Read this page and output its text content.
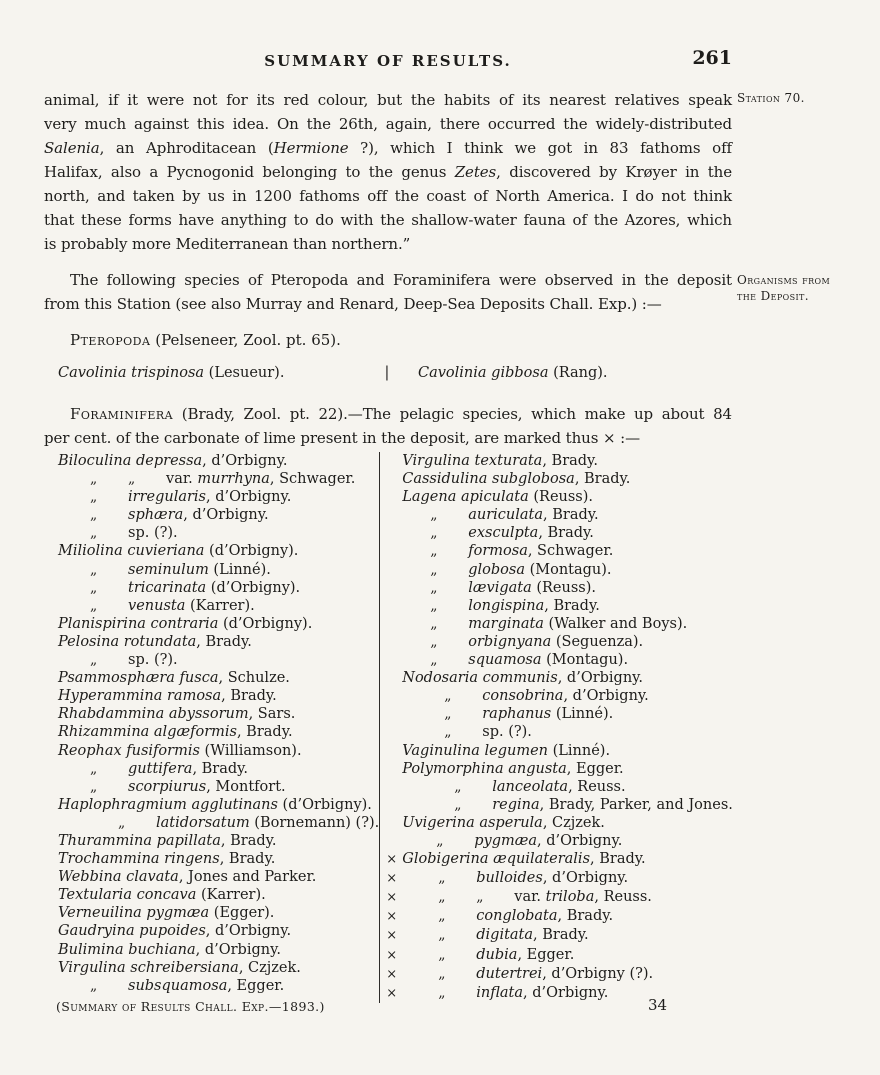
SUMMARY OF RESULTS.	261
Station 70.
Organisms from
the Deposit.
animal, if it were not for its red colour, but the habits of its nearest relatives speak
very much against this idea. On the 26th, again, there occurred the widely-distributed
Salenia, an Aphroditacean (Hermione ?), which I think we got in 83 fathoms off
Halifax, also a Pycnogonid belonging to the genus Zetes, discovered by Krøyer in the
north, and taken by us in 1200 fathoms off the coast of North America. I do not think
that these forms have anything to do with the shallow-water fauna of the Azores, which
is probably more Mediterranean than northern.”
The following species of Pteropoda and Foraminifera were observed in the deposit
from this Station (see also Murray and Renard, Deep-Sea Deposits Chall. Exp.) :—
Pteropoda (Pelseneer, Zool. pt. 65).
Cavolinia trispinosa (Lesueur).	|	Cavolinia gibbosa (Rang).
Foraminifera (Brady, Zool. pt. 22).—The pelagic species, which make up about 84
per cent. of the carbonate of lime present in the deposit, are marked thus × :—
Biloculina depressa, d’Orbigny.
„ „ var. murrhyna, Schwager.
„ irregularis, d’Orbigny.
„ sphæra, d’Orbigny.
„ sp. (?).
Miliolina cuvieriana (d’Orbigny).
„ seminulum (Linné).
„ tricarinata (d’Orbigny).
„ venusta (Karrer).
Planispirina contraria (d’Orbigny).
Pelosina rotundata, Brady.
„ sp. (?).
Psammosphæra fusca, Schulze.
Hyperammina ramosa, Brady.
Rhabdammina abyssorum, Sars.
Rhizammina algæformis, Brady.
Reophax fusiformis (Williamson).
„ guttifera, Brady.
„ scorpiurus, Montfort.
Haplophragmium agglutinans (d’Orbigny).
„ latidorsatum (Bornemann) (?).
Thurammina papillata, Brady.
Trochammina ringens, Brady.
Webbina clavata, Jones and Parker.
Textularia concava (Karrer).
Verneuilina pygmæa (Egger).
Gaudryina pupoides, d’Orbigny.
Bulimina buchiana, d’Orbigny.
Virgulina schreibersiana, Czjzek.
„ subsquamosa, Egger.
Virgulina texturata, Brady.
Cassidulina subglobosa, Brady.
Lagena apiculata (Reuss).
„ auriculata, Brady.
„ exsculpta, Brady.
„ formosa, Schwager.
„ globosa (Montagu).
„ lævigata (Reuss).
„ longispina, Brady.
„ marginata (Walker and Boys).
„ orbignyana (Seguenza).
„ squamosa (Montagu).
Nodosaria communis, d’Orbigny.
„ consobrina, d’Orbigny.
„ raphanus (Linné).
„ sp. (?).
Vaginulina legumen (Linné).
Polymorphina angusta, Egger.
„ lanceolata, Reuss.
„ regina, Brady, Parker, and Jones.
Uvigerina asperula, Czjzek.
„ pygmæa, d’Orbigny.
× Globigerina æquilateralis, Brady.
×	„ bulloides, d’Orbigny.
×	„ „ var. triloba, Reuss.
×	„ conglobata, Brady.
×	„ digitata, Brady.
×	„ dubia, Egger.
×	„ dutertrei, d’Orbigny (?).
×	„ inflata, d’Orbigny.
(Summary of Results Chall. Exp.—1893.)	34
